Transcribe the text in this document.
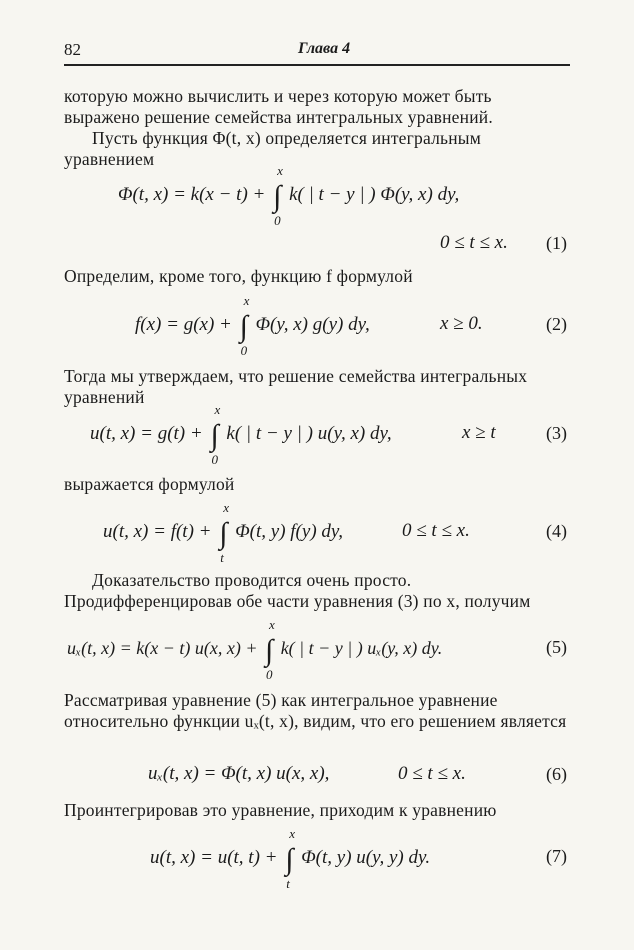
82	Глава 4

которую можно вычислить и через которую может быть выражено решение семейства интегральных уравнений.

Пусть функция Φ(t, x) определяется интегральным уравнением

Φ(t, x) = k(x − t) + ∫
x
0
k( | t − y | ) Φ(y, x) dy,
0 ≤ t ≤ x. (1)

Определим, кроме того, функцию f формулой

f(x) = g(x) + ∫
x
0
Φ(y, x) g(y) dy,	x ≥ 0.	(2)

Тогда мы утверждаем, что решение семейства интегральных уравнений

u(t, x) = g(t) + ∫
x
0
k( | t − y | ) u(y, x) dy,	x ≥ t	(3)

выражается формулой

u(t, x) = f(t) + ∫
x
t
Φ(t, y) f(y) dy,	0 ≤ t ≤ x.	(4)

Доказательство проводится очень просто. Продифференцировав обе части уравнения (3) по x, получим

uₓ(t, x) = k(x − t) u(x, x) + ∫
x
0
k( | t − y | ) uₓ(y, x) dy.	(5)

Рассматривая уравнение (5) как интегральное уравнение относительно функции uₓ(t, x), видим, что его решением является

uₓ(t, x) = Φ(t, x) u(x, x),	0 ≤ t ≤ x.	(6)

Проинтегрировав это уравнение, приходим к уравнению

u(t, x) = u(t, t) + ∫
x
t
Φ(t, y) u(y, y) dy.	(7)
